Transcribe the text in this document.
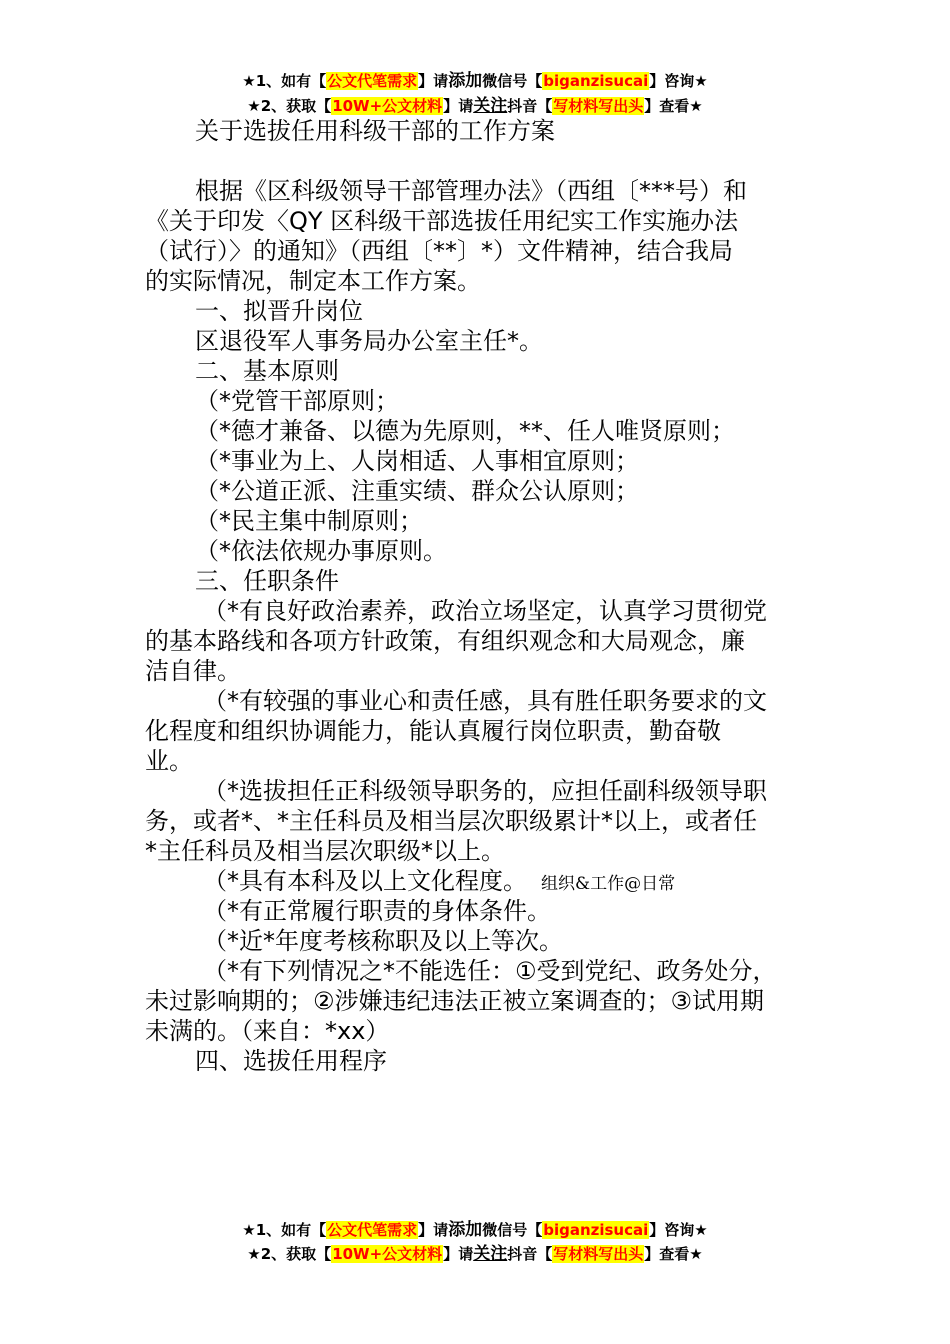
★1、如有【公文代笔需求】请添加微信号【biganzisucai】咨询★
★2、获取【10W+公文材料】请关注抖音【写材料写出头】查看★
关于选拔任用科级干部的工作方案
根据《区科级领导干部管理办法》（西组〔***号）和
《关于印发〈QY 区科级干部选拔任用纪实工作实施办法
（试行）〉的通知》（西组〔**〕*）文件精神，结合我局
的实际情况，制定本工作方案。
一、拟晋升岗位
区退役军人事务局办公室主任*。
二、基本原则
（*党管干部原则；
（*德才兼备、以德为先原则，**、任人唯贤原则；
（*事业为上、人岗相适、人事相宜原则；
（*公道正派、注重实绩、群众公认原则；
（*民主集中制原则；
（*依法依规办事原则。
三、任职条件
（*有良好政治素养，政治立场坚定，认真学习贯彻党
的基本路线和各项方针政策，有组织观念和大局观念，廉
洁自律。
（*有较强的事业心和责任感，具有胜任职务要求的文
化程度和组织协调能力，能认真履行岗位职责，勤奋敬
业。
（*选拔担任正科级领导职务的，应担任副科级领导职
务，或者*、*主任科员及相当层次职级累计*以上，或者任
*主任科员及相当层次职级*以上。
（*具有本科及以上文化程度。 组织&工作@日常
（*有正常履行职责的身体条件。
（*近*年度考核称职及以上等次。
（*有下列情况之*不能选任：①受到党纪、政务处分，
未过影响期的；②涉嫌违纪违法正被立案调查的；③试用期
未满的。（来自：*xx）
四、选拔任用程序
★1、如有【公文代笔需求】请添加微信号【biganzisucai】咨询★
★2、获取【10W+公文材料】请关注抖音【写材料写出头】查看★
